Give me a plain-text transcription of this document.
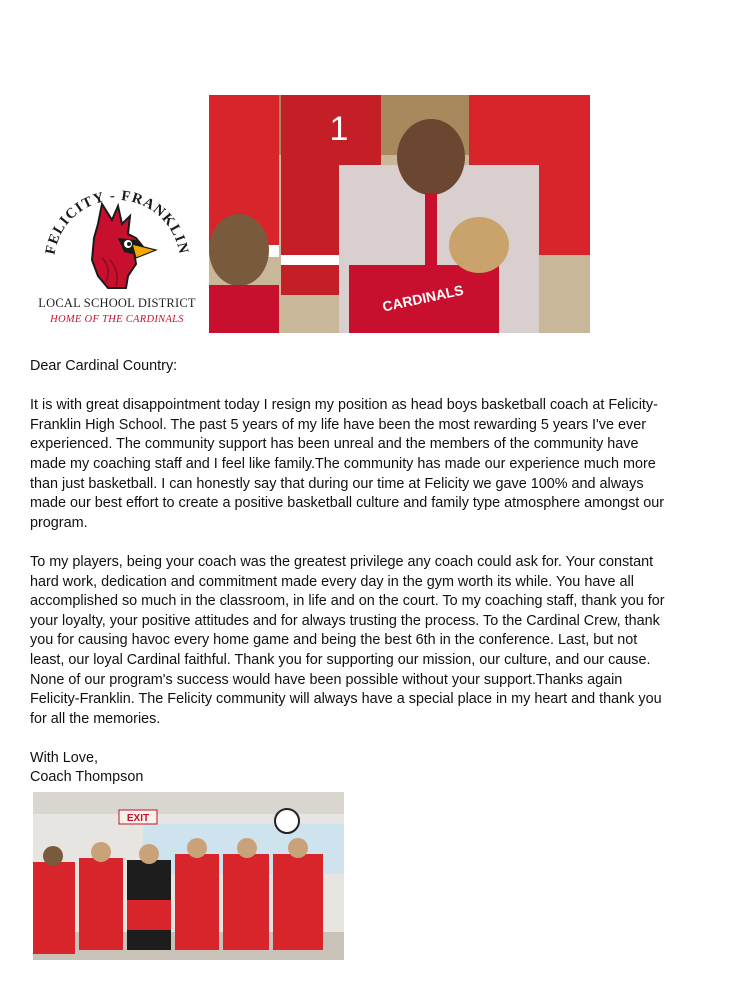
FELICITY - FRANKLIN
LOCAL SCHOOL DISTRICT
HOME OF THE CARDINALS
1
CARDINALS

Dear Cardinal Country:

It is with great disappointment today I resign my position as head boys basketball coach at Felicity-Franklin High School. The past 5 years of my life have been the most rewarding 5 years I've ever experienced. The community support has been unreal and the members of the community have made my coaching staff and I feel like family.The community has made our experience much more than just basketball. I can honestly say that during our time at Felicity we gave 100% and always made our best effort to create a positive basketball culture and family type atmosphere amongst our program.

To my players, being your coach was the greatest privilege any coach could ask for. Your constant hard work, dedication and commitment made every day in the gym worth its while. You have all accomplished so much in the classroom, in life and on the court. To my coaching staff, thank you for your loyalty, your positive attitudes and for always trusting the process. To the Cardinal Crew, thank you for causing havoc every home game and being the best 6th in the conference. Last, but not least, our loyal Cardinal faithful. Thank you for supporting our mission, our culture, and our cause. None of our program's success would have been possible without your support.Thanks again Felicity-Franklin. The Felicity community will always have a special place in my heart and thank you for all the memories.

With Love,
Coach Thompson
EXIT
